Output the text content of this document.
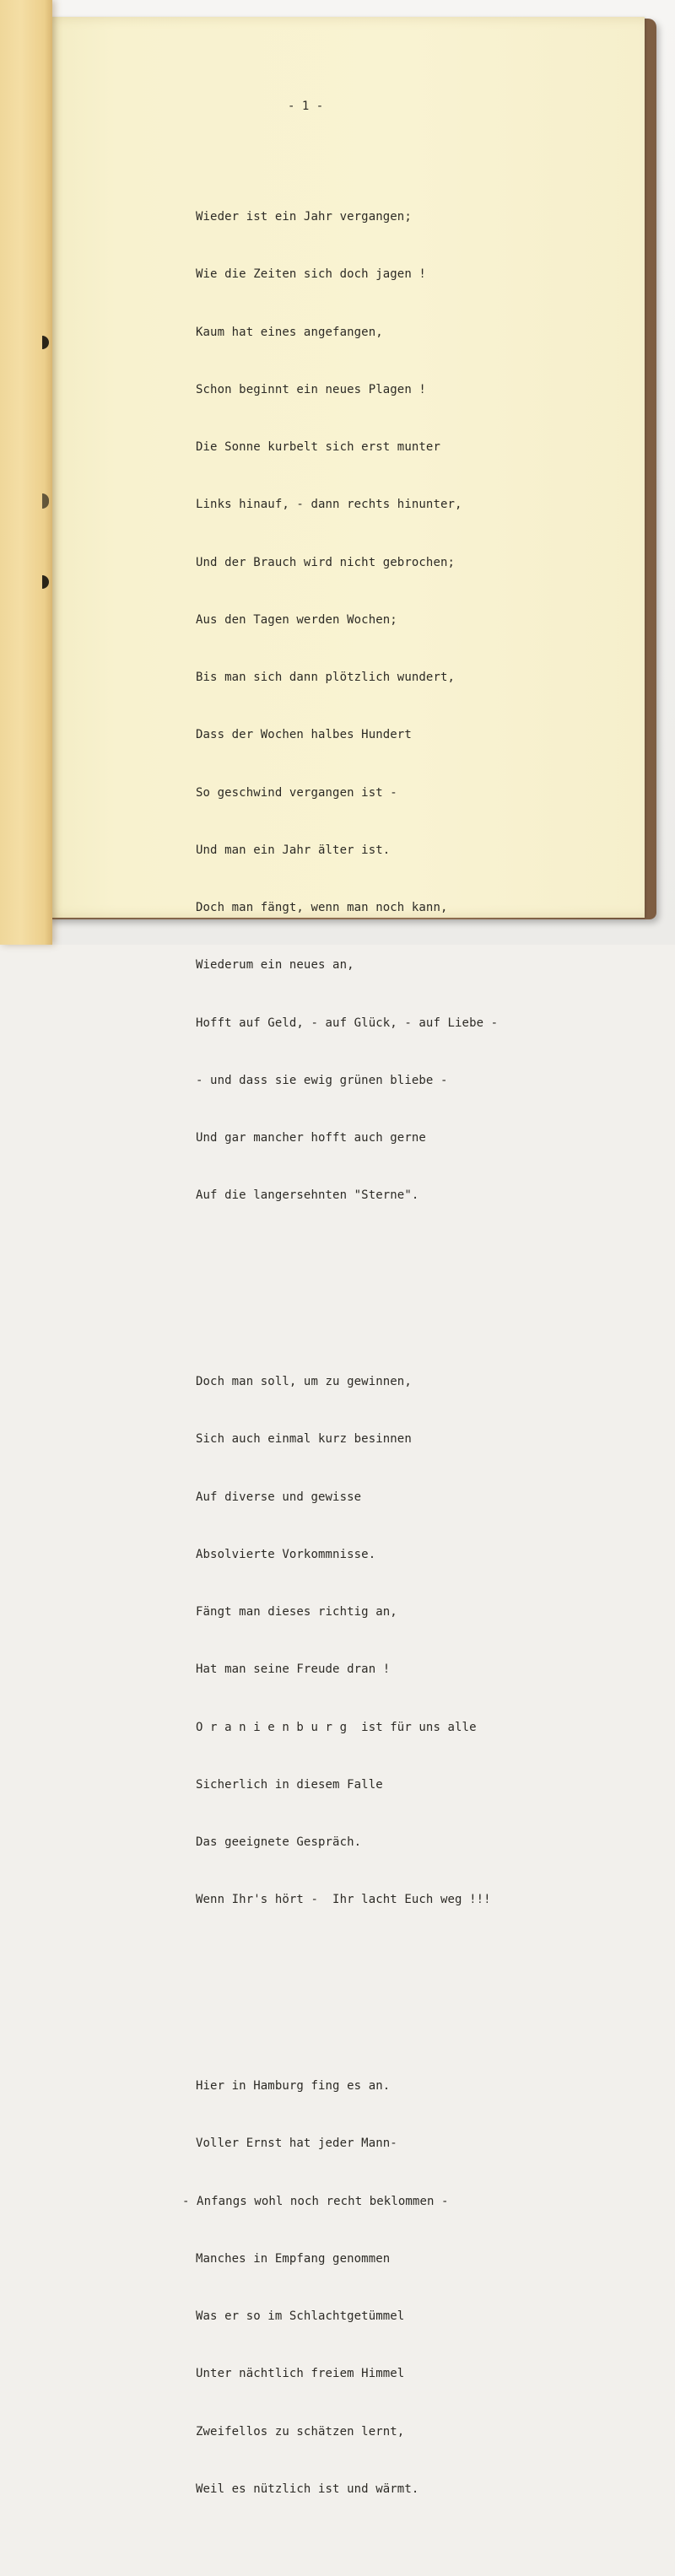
- 1 -

Wieder ist ein Jahr vergangen;

Wie die Zeiten sich doch jagen !

Kaum hat eines angefangen,

Schon beginnt ein neues Plagen !

Die Sonne kurbelt sich erst munter

Links hinauf, - dann rechts hinunter,

Und der Brauch wird nicht gebrochen;

Aus den Tagen werden Wochen;

Bis man sich dann plötzlich wundert,

Dass der Wochen halbes Hundert

So geschwind vergangen ist -

Und man ein Jahr älter ist.

Doch man fängt, wenn man noch kann,

Wiederum ein neues an,

Hofft auf Geld, - auf Glück, - auf Liebe -

- und dass sie ewig grünen bliebe -

Und gar mancher hofft auch gerne

Auf die langersehnten "Sterne".

Doch man soll, um zu gewinnen,

Sich auch einmal kurz besinnen

Auf diverse und gewisse

Absolvierte Vorkommnisse.

Fängt man dieses richtig an,

Hat man seine Freude dran !

O r a n i e n b u r g  ist für uns alle

Sicherlich in diesem Falle

Das geeignete Gespräch.

Wenn Ihr's hört -  Ihr lacht Euch weg !!!

Hier in Hamburg fing es an.

Voller Ernst hat jeder Mann-

- Anfangs wohl noch recht beklommen -

Manches in Empfang genommen

Was er so im Schlachtgetümmel

Unter nächtlich freiem Himmel

Zweifellos zu schätzen lernt,

Weil es nützlich ist und wärmt.
